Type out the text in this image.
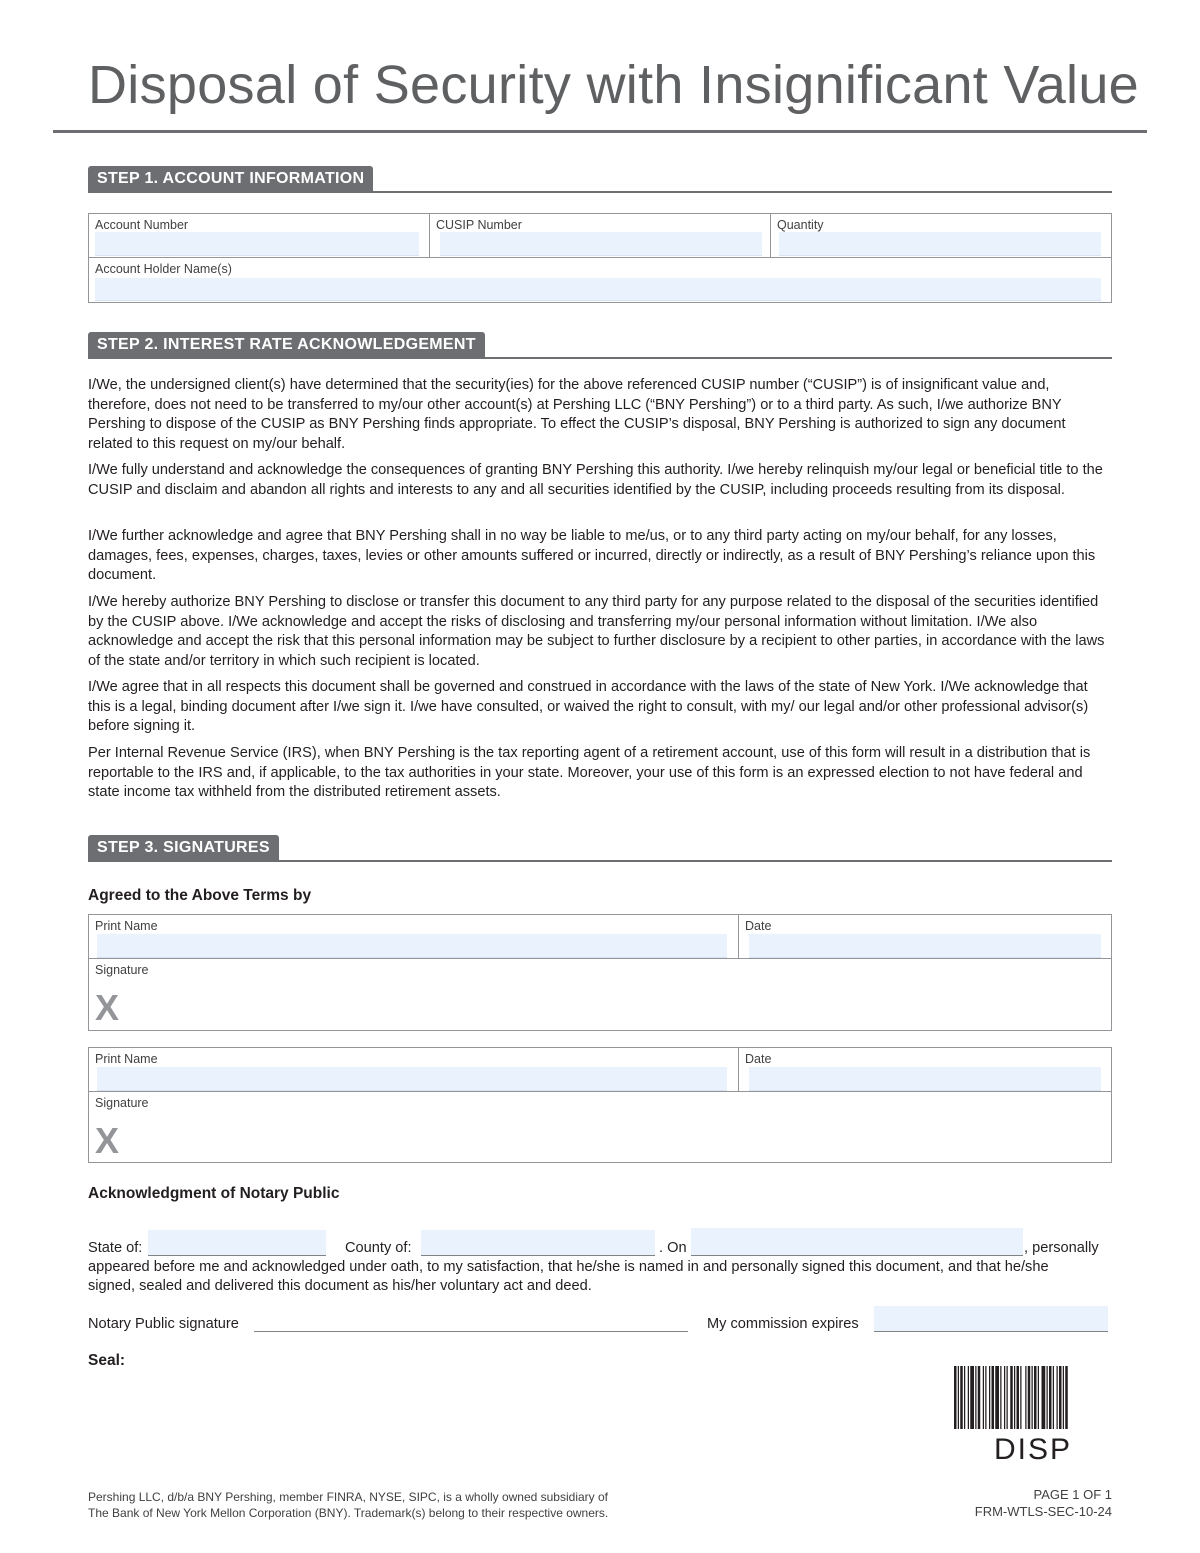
Disposal of Security with Insignificant Value
STEP 1. ACCOUNT INFORMATION
Account Number	CUSIP Number	Quantity
Account Holder Name(s)
STEP 2. INTEREST RATE ACKNOWLEDGEMENT

I/We, the undersigned client(s) have determined that the security(ies) for the above referenced CUSIP number (“CUSIP”) is of insignificant value and, therefore, does not need to be transferred to my/our other account(s) at Pershing LLC (“BNY Pershing”) or to a third party. As such, I/we authorize BNY Pershing to dispose of the CUSIP as BNY Pershing finds appropriate. To effect the CUSIP’s disposal, BNY Pershing is authorized to sign any document related to this request on my/our behalf.

I/We fully understand and acknowledge the consequences of granting BNY Pershing this authority. I/we hereby relinquish my/our legal or beneficial title to the CUSIP and disclaim and abandon all rights and interests to any and all securities identified by the CUSIP, including proceeds resulting from its disposal.

I/We further acknowledge and agree that BNY Pershing shall in no way be liable to me/us, or to any third party acting on my/our behalf, for any losses, damages, fees, expenses, charges, taxes, levies or other amounts suffered or incurred, directly or indirectly, as a result of BNY Pershing’s reliance upon this document.

I/We hereby authorize BNY Pershing to disclose or transfer this document to any third party for any purpose related to the disposal of the securities identified by the CUSIP above. I/We acknowledge and accept the risks of disclosing and transferring my/our personal information without limitation. I/We also acknowledge and accept the risk that this personal information may be subject to further disclosure by a recipient to other parties, in accordance with the laws of the state and/or territory in which such recipient is located.

I/We agree that in all respects this document shall be governed and construed in accordance with the laws of the state of New York. I/We acknowledge that this is a legal, binding document after I/we sign it. I/we have consulted, or waived the right to consult, with my/ our legal and/or other professional advisor(s) before signing it.

Per Internal Revenue Service (IRS), when BNY Pershing is the tax reporting agent of a retirement account, use of this form will result in a distribution that is reportable to the IRS and, if applicable, to the tax authorities in your state. Moreover, your use of this form is an expressed election to not have federal and state income tax withheld from the distributed retirement assets.

STEP 3. SIGNATURES
Agreed to the Above Terms by
Print Name	Date
Signature
X
Print Name	Date
Signature
X
Acknowledgment of Notary Public
State of:	County of:	. On	, personally
appeared before me and acknowledged under oath, to my satisfaction, that he/she is named in and personally signed this document, and that he/she
signed, sealed and delivered this document as his/her voluntary act and deed.
Notary Public signature	My commission expires
Seal:
DISP
Pershing LLC, d/b/a BNY Pershing, member FINRA, NYSE, SIPC, is a wholly owned subsidiary of
The Bank of New York Mellon Corporation (BNY). Trademark(s) belong to their respective owners.
PAGE 1 OF 1
FRM-WTLS-SEC-10-24
